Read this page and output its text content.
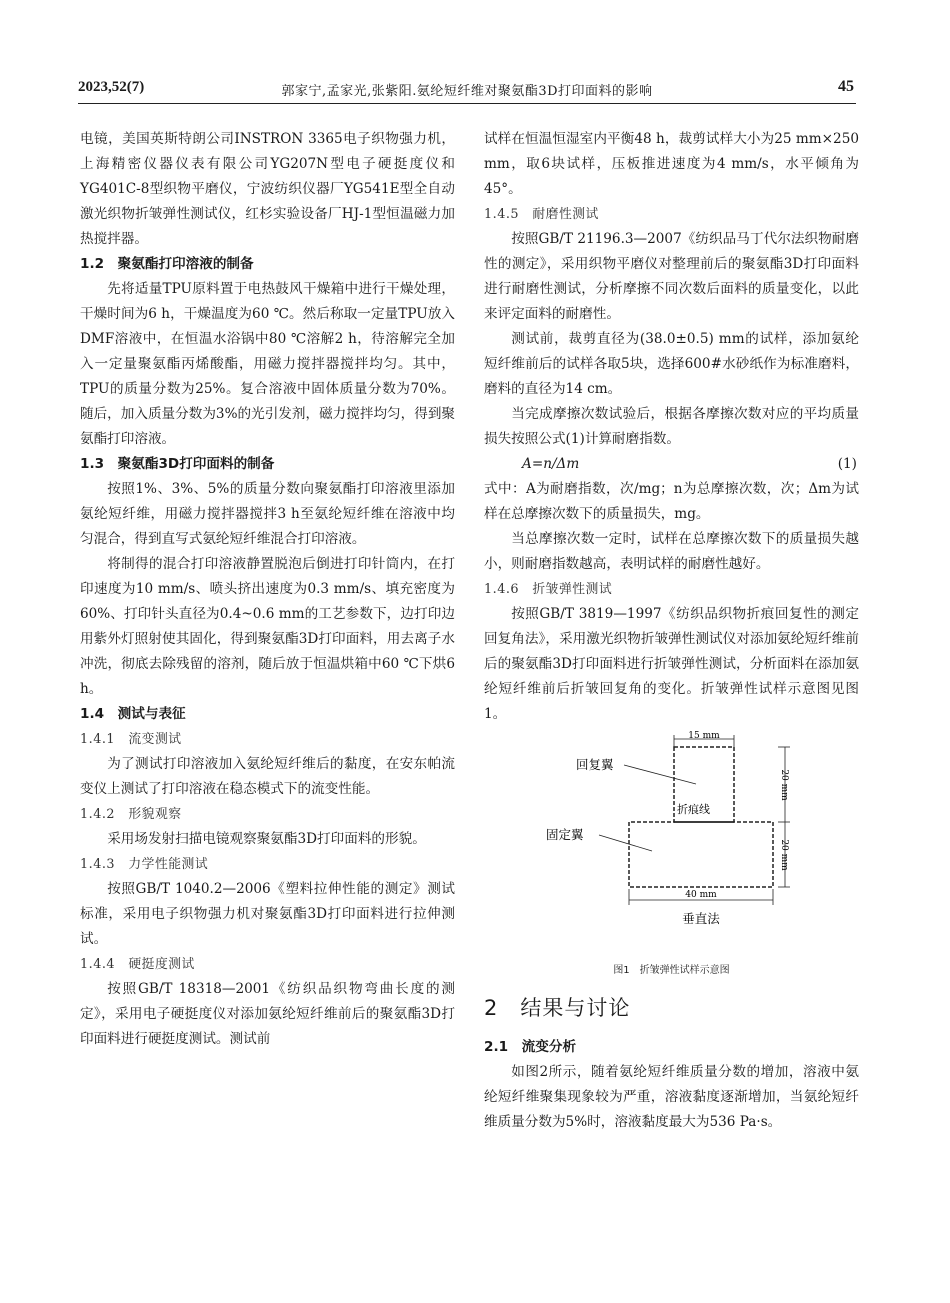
2023,52(7)	郭家宁,孟家光,张紫阳.氨纶短纤维对聚氨酯3D打印面料的影响	45

电镜，美国英斯特朗公司INSTRON 3365电子织物强力机，上海精密仪器仪表有限公司YG207N型电子硬挺度仪和YG401C-8型织物平磨仪，宁波纺织仪器厂YG541E型全自动激光织物折皱弹性测试仪，红杉实验设备厂HJ-1型恒温磁力加热搅拌器。

1.2　聚氨酯打印溶液的制备

先将适量TPU原料置于电热鼓风干燥箱中进行干燥处理，干燥时间为6 h，干燥温度为60 ℃。然后称取一定量TPU放入DMF溶液中，在恒温水浴锅中80 ℃溶解2 h，待溶解完全加入一定量聚氨酯丙烯酸酯，用磁力搅拌器搅拌均匀。其中，TPU的质量分数为25%。复合溶液中固体质量分数为70%。随后，加入质量分数为3%的光引发剂，磁力搅拌均匀，得到聚氨酯打印溶液。

1.3　聚氨酯3D打印面料的制备

按照1%、3%、5%的质量分数向聚氨酯打印溶液里添加氨纶短纤维，用磁力搅拌器搅拌3 h至氨纶短纤维在溶液中均匀混合，得到直写式氨纶短纤维混合打印溶液。

将制得的混合打印溶液静置脱泡后倒进打印针筒内，在打印速度为10 mm/s、喷头挤出速度为0.3 mm/s、填充密度为60%、打印针头直径为0.4~0.6 mm的工艺参数下，边打印边用紫外灯照射使其固化，得到聚氨酯3D打印面料，用去离子水冲洗，彻底去除残留的溶剂，随后放于恒温烘箱中60 ℃下烘6 h。

1.4　测试与表征
1.4.1　流变测试

为了测试打印溶液加入氨纶短纤维后的黏度，在安东帕流变仪上测试了打印溶液在稳态模式下的流变性能。

1.4.2　形貌观察

采用场发射扫描电镜观察聚氨酯3D打印面料的形貌。

1.4.3　力学性能测试

按照GB/T 1040.2—2006《塑料拉伸性能的测定》测试标准，采用电子织物强力机对聚氨酯3D打印面料进行拉伸测试。

1.4.4　硬挺度测试

按照GB/T 18318—2001《纺织品织物弯曲长度的测定》，采用电子硬挺度仪对添加氨纶短纤维前后的聚氨酯3D打印面料进行硬挺度测试。测试前

试样在恒温恒湿室内平衡48 h，裁剪试样大小为25 mm×250 mm，取6块试样，压板推进速度为4 mm/s，水平倾角为45°。

1.4.5　耐磨性测试

按照GB/T 21196.3—2007《纺织品马丁代尔法织物耐磨性的测定》，采用织物平磨仪对整理前后的聚氨酯3D打印面料进行耐磨性测试，分析摩擦不同次数后面料的质量变化，以此来评定面料的耐磨性。

测试前，裁剪直径为(38.0±0.5) mm的试样，添加氨纶短纤维前后的试样各取5块，选择600#水砂纸作为标准磨料，磨料的直径为14 cm。

当完成摩擦次数试验后，根据各摩擦次数对应的平均质量损失按照公式(1)计算耐磨指数。

A=n/Δm	(1)

式中：A为耐磨指数，次/mg；n为总摩擦次数，次；Δm为试样在总摩擦次数下的质量损失，mg。

当总摩擦次数一定时，试样在总摩擦次数下的质量损失越小，则耐磨指数越高，表明试样的耐磨性越好。

1.4.6　折皱弹性测试

按照GB/T 3819—1997《纺织品织物折痕回复性的测定回复角法》，采用激光织物折皱弹性测试仪对添加氨纶短纤维前后的聚氨酯3D打印面料进行折皱弹性测试，分析面料在添加氨纶短纤维前后折皱回复角的变化。折皱弹性试样示意图见图1。

15 mm
20 mm
20 mm
40 mm
回复翼
折痕线
固定翼
垂直法
图1　折皱弹性试样示意图
2　结果与讨论
2.1　流变分析

如图2所示，随着氨纶短纤维质量分数的增加，溶液中氨纶短纤维聚集现象较为严重，溶液黏度逐渐增加，当氨纶短纤维质量分数为5%时，溶液黏度最大为536 Pa·s。
